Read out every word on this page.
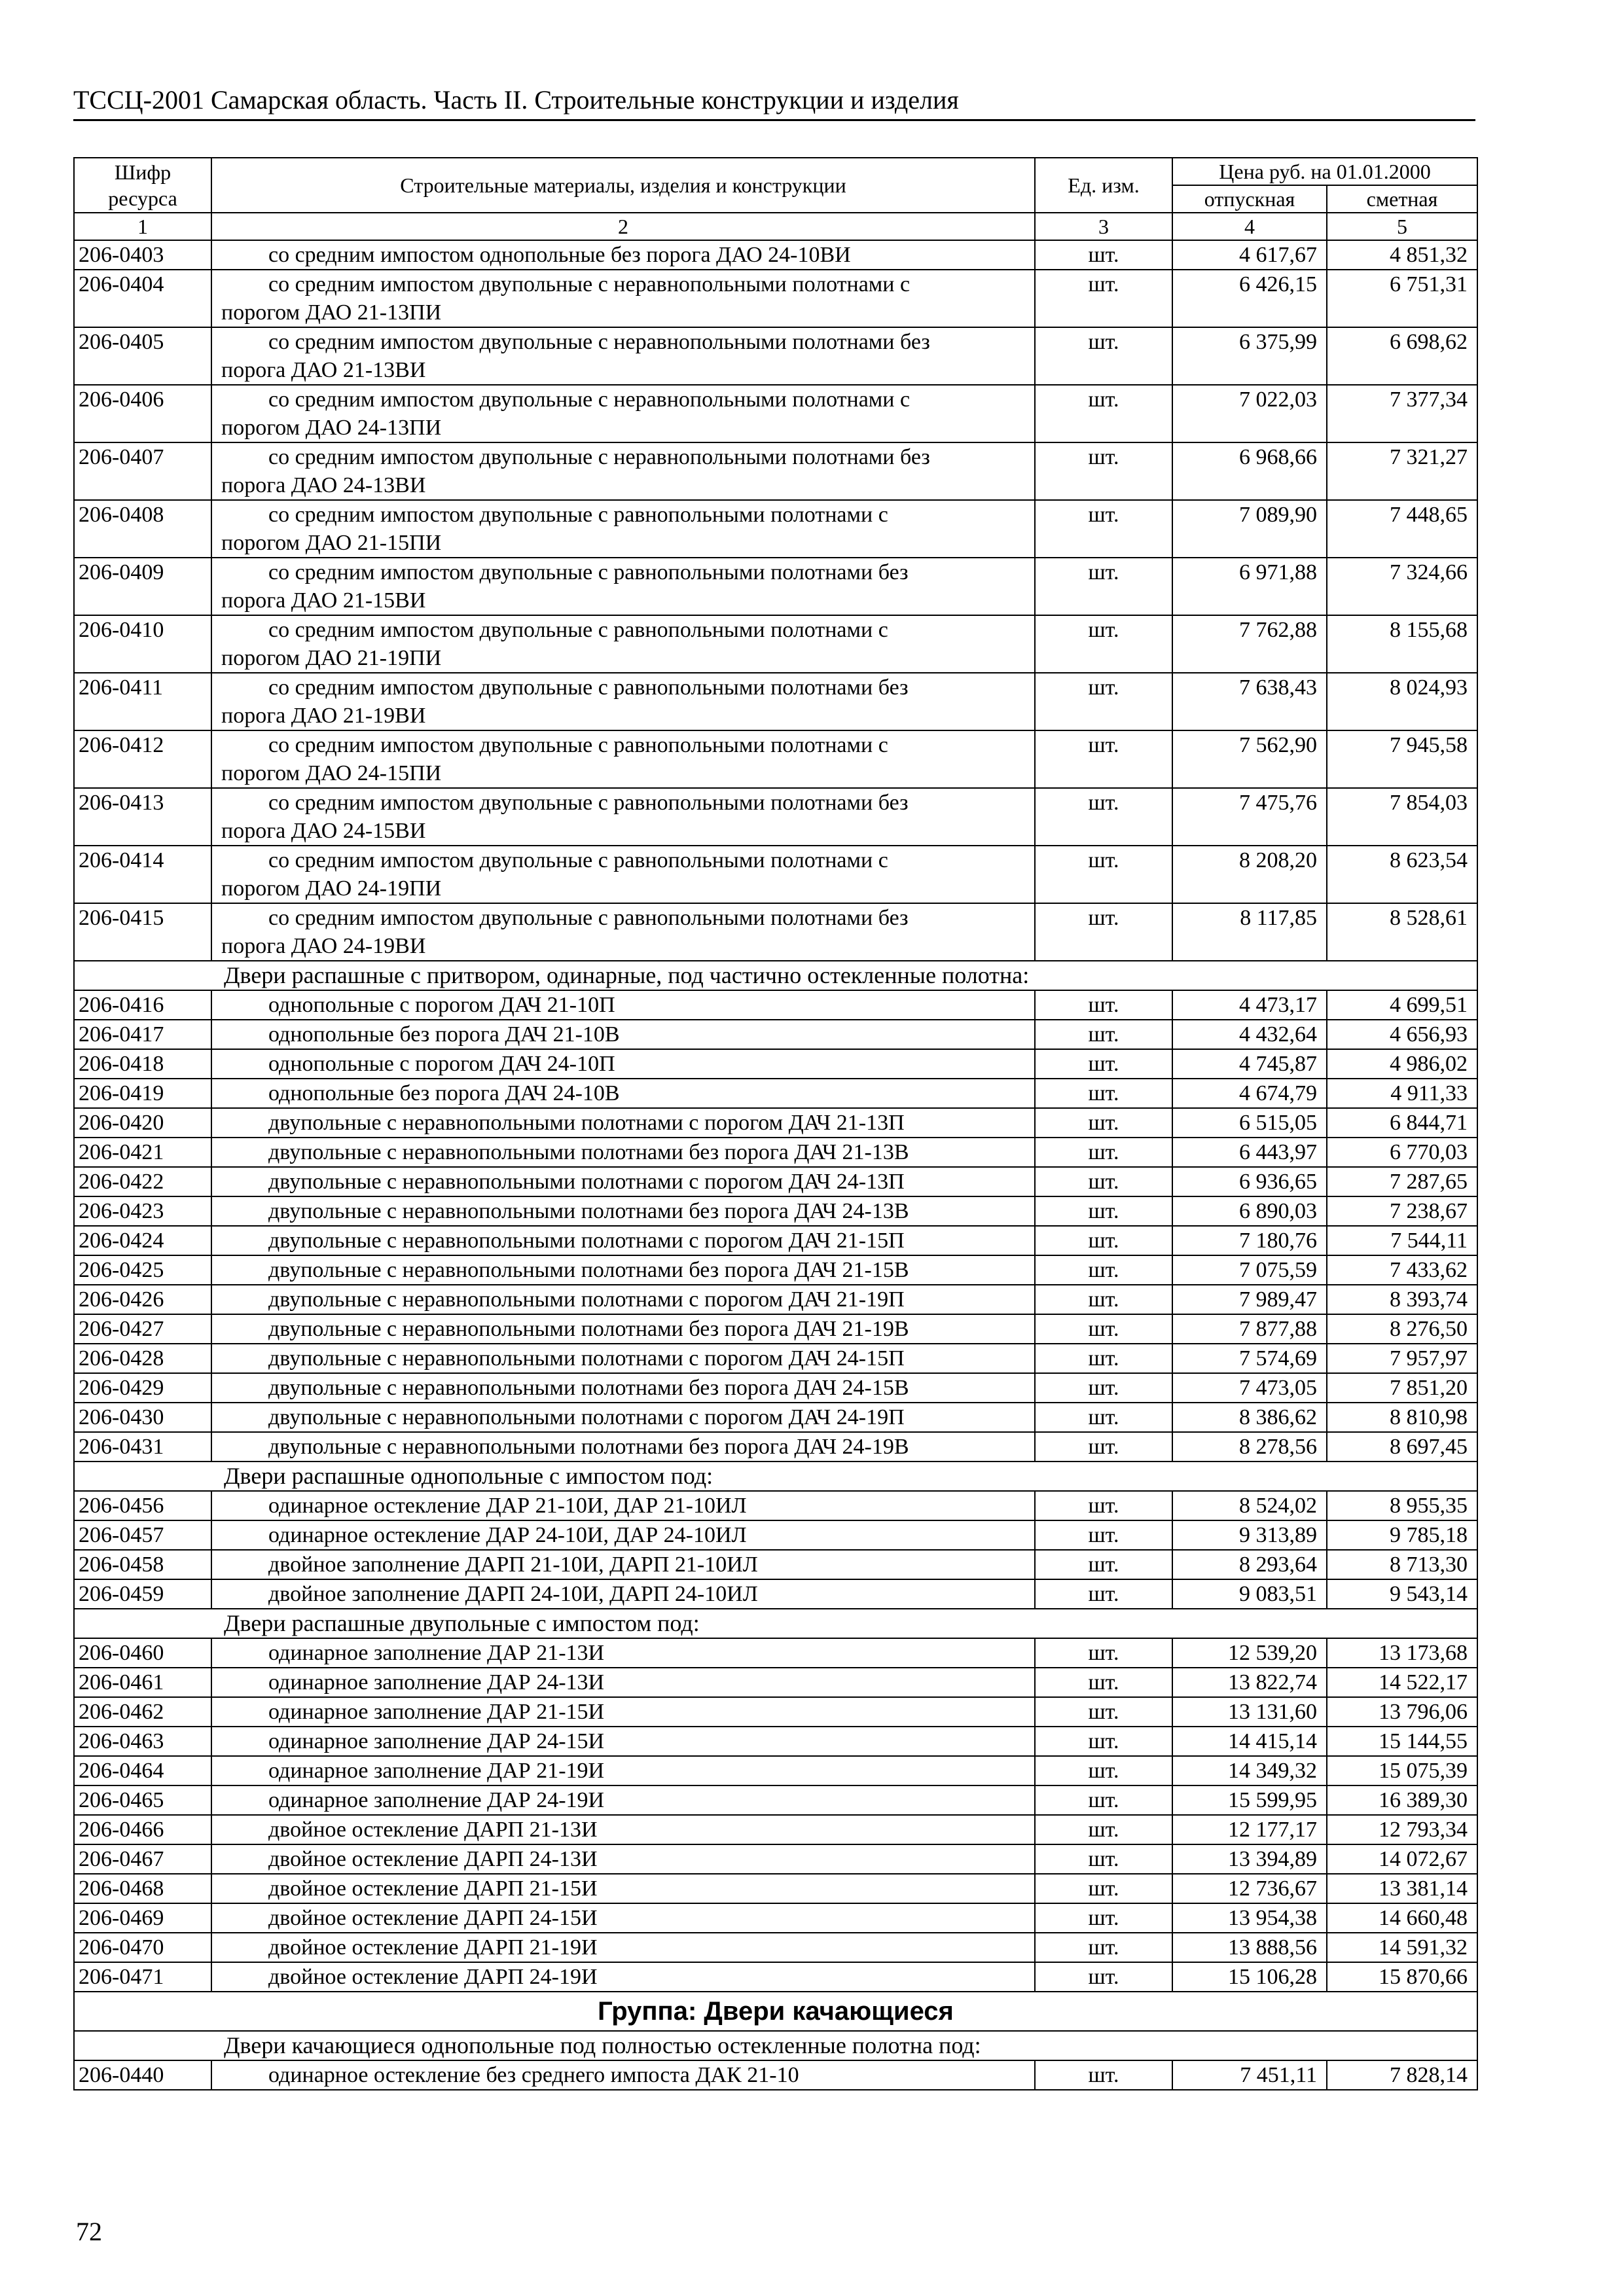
ТССЦ-2001 Самарская область. Часть II. Строительные конструкции и изделия
Шифр ресурса	Строительные материалы, изделия и конструкции	Ед. изм.	Цена руб. на 01.01.2000	
			отпускная	сметная
1	2	3	4	5
206-0403	со средним импостом однопольные без порога ДАО 24-10ВИ	шт.	4 617,67	4 851,32
206-0404	со средним импостом двупольные с неравнопольными полотнами с
порогом ДАО 21-13ПИ	шт.	6 426,15	6 751,31
206-0405	со средним импостом двупольные с неравнопольными полотнами без
порога ДАО 21-13ВИ	шт.	6 375,99	6 698,62
206-0406	со средним импостом двупольные с неравнопольными полотнами с
порогом ДАО 24-13ПИ	шт.	7 022,03	7 377,34
206-0407	со средним импостом двупольные с неравнопольными полотнами без
порога ДАО 24-13ВИ	шт.	6 968,66	7 321,27
206-0408	со средним импостом двупольные с равнопольными полотнами с
порогом ДАО 21-15ПИ	шт.	7 089,90	7 448,65
206-0409	со средним импостом двупольные с равнопольными полотнами без
порога ДАО 21-15ВИ	шт.	6 971,88	7 324,66
206-0410	со средним импостом двупольные с равнопольными полотнами с
порогом ДАО 21-19ПИ	шт.	7 762,88	8 155,68
206-0411	со средним импостом двупольные с равнопольными полотнами без
порога ДАО 21-19ВИ	шт.	7 638,43	8 024,93
206-0412	со средним импостом двупольные с равнопольными полотнами с
порогом ДАО 24-15ПИ	шт.	7 562,90	7 945,58
206-0413	со средним импостом двупольные с равнопольными полотнами без
порога ДАО 24-15ВИ	шт.	7 475,76	7 854,03
206-0414	со средним импостом двупольные с равнопольными полотнами с
порогом ДАО 24-19ПИ	шт.	8 208,20	8 623,54
206-0415	со средним импостом двупольные с равнопольными полотнами без
порога ДАО 24-19ВИ	шт.	8 117,85	8 528,61
Двери распашные с притвором, одинарные, под частично остекленные полотна:				
206-0416	однопольные с порогом ДАЧ 21-10П	шт.	4 473,17	4 699,51
206-0417	однопольные без порога ДАЧ 21-10В	шт.	4 432,64	4 656,93
206-0418	однопольные с порогом ДАЧ 24-10П	шт.	4 745,87	4 986,02
206-0419	однопольные без порога ДАЧ 24-10В	шт.	4 674,79	4 911,33
206-0420	двупольные с неравнопольными полотнами с порогом ДАЧ 21-13П	шт.	6 515,05	6 844,71
206-0421	двупольные с неравнопольными полотнами без порога ДАЧ 21-13В	шт.	6 443,97	6 770,03
206-0422	двупольные с неравнопольными полотнами с порогом ДАЧ 24-13П	шт.	6 936,65	7 287,65
206-0423	двупольные с неравнопольными полотнами без порога ДАЧ 24-13В	шт.	6 890,03	7 238,67
206-0424	двупольные с неравнопольными полотнами с порогом ДАЧ 21-15П	шт.	7 180,76	7 544,11
206-0425	двупольные с неравнопольными полотнами без порога ДАЧ 21-15В	шт.	7 075,59	7 433,62
206-0426	двупольные с неравнопольными полотнами с порогом ДАЧ 21-19П	шт.	7 989,47	8 393,74
206-0427	двупольные с неравнопольными полотнами без порога ДАЧ 21-19В	шт.	7 877,88	8 276,50
206-0428	двупольные с неравнопольными полотнами с порогом ДАЧ 24-15П	шт.	7 574,69	7 957,97
206-0429	двупольные с неравнопольными полотнами без порога ДАЧ 24-15В	шт.	7 473,05	7 851,20
206-0430	двупольные с неравнопольными полотнами с порогом ДАЧ 24-19П	шт.	8 386,62	8 810,98
206-0431	двупольные с неравнопольными полотнами без порога ДАЧ 24-19В	шт.	8 278,56	8 697,45
Двери распашные однопольные с импостом под:				
206-0456	одинарное остекление ДАР 21-10И, ДАР 21-10ИЛ	шт.	8 524,02	8 955,35
206-0457	одинарное остекление ДАР 24-10И, ДАР 24-10ИЛ	шт.	9 313,89	9 785,18
206-0458	двойное заполнение ДАРП 21-10И, ДАРП 21-10ИЛ	шт.	8 293,64	8 713,30
206-0459	двойное заполнение ДАРП 24-10И, ДАРП 24-10ИЛ	шт.	9 083,51	9 543,14
Двери распашные двупольные с импостом под:				
206-0460	одинарное заполнение ДАР 21-13И	шт.	12 539,20	13 173,68
206-0461	одинарное заполнение ДАР 24-13И	шт.	13 822,74	14 522,17
206-0462	одинарное заполнение ДАР 21-15И	шт.	13 131,60	13 796,06
206-0463	одинарное заполнение ДАР 24-15И	шт.	14 415,14	15 144,55
206-0464	одинарное заполнение ДАР 21-19И	шт.	14 349,32	15 075,39
206-0465	одинарное заполнение ДАР 24-19И	шт.	15 599,95	16 389,30
206-0466	двойное остекление ДАРП 21-13И	шт.	12 177,17	12 793,34
206-0467	двойное остекление ДАРП 24-13И	шт.	13 394,89	14 072,67
206-0468	двойное остекление ДАРП 21-15И	шт.	12 736,67	13 381,14
206-0469	двойное остекление ДАРП 24-15И	шт.	13 954,38	14 660,48
206-0470	двойное остекление ДАРП 21-19И	шт.	13 888,56	14 591,32
206-0471	двойное остекление ДАРП 24-19И	шт.	15 106,28	15 870,66
Группа: Двери качающиеся				
Двери качающиеся однопольные под полностью остекленные полотна под:				
206-0440	одинарное остекление без среднего импоста ДАК 21-10	шт.	7 451,11	7 828,14
72
